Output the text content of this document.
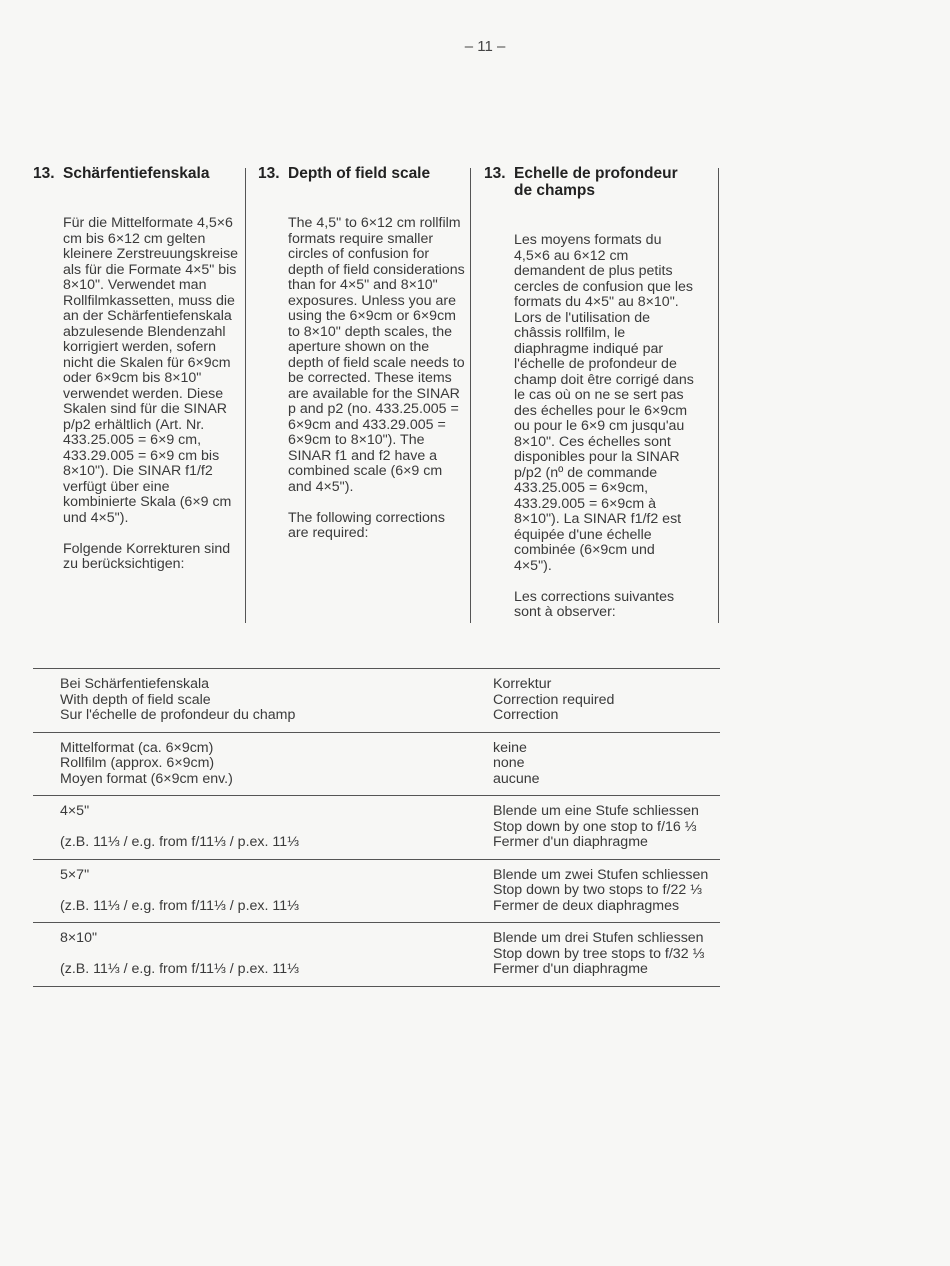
– 11 –
13. Schärfentiefenskala

Für die Mittelformate 4,5×6 cm bis 6×12 cm gelten kleinere Zerstreuungskreise als für die Formate 4×5" bis 8×10". Verwendet man Rollfilmkassetten, muss die an der Schärfentiefenskala abzulesende Blendenzahl korrigiert werden, sofern nicht die Skalen für 6×9cm oder 6×9cm bis 8×10" verwendet werden. Diese Skalen sind für die SINAR p/p2 erhältlich (Art. Nr. 433.25.005 = 6×9 cm, 433.29.005 = 6×9 cm bis 8×10"). Die SINAR f1/f2 verfügt über eine kombinierte Skala (6×9 cm und 4×5").

Folgende Korrekturen sind zu berücksichtigen:

13. Depth of field scale

The 4,5" to 6×12 cm rollfilm formats require smaller circles of confusion for depth of field considerations than for 4×5" and 8×10" exposures. Unless you are using the 6×9cm or 6×9cm to 8×10" depth scales, the aperture shown on the depth of field scale needs to be corrected. These items are available for the SINAR p and p2 (no. 433.25.005 = 6×9cm and 433.29.005 = 6×9cm to 8×10"). The SINAR f1 and f2 have a combined scale (6×9 cm and 4×5").

The following corrections are required:

13. Echelle de profondeur de champs

Les moyens formats du 4,5×6 au 6×12 cm demandent de plus petits cercles de confusion que les formats du 4×5" au 8×10". Lors de l'utilisation de châssis rollfilm, le diaphragme indiqué par l'échelle de profondeur de champ doit être corrigé dans le cas où on ne se sert pas des échelles pour le 6×9cm ou pour le 6×9 cm jusqu'au 8×10". Ces échelles sont disponibles pour la SINAR p/p2 (nº de commande 433.25.005 = 6×9cm, 433.29.005 = 6×9cm à 8×10"). La SINAR f1/f2 est équipée d'une échelle combinée (6×9cm und 4×5").

Les corrections suivantes sont à observer:

Bei Schärfentiefenskala
With depth of field scale
Sur l'échelle de profondeur du champ	Korrektur
Correction required
Correction

Mittelformat (ca. 6×9cm)
Rollfilm (approx. 6×9cm)
Moyen format (6×9cm env.)	keine
none
aucune

4×5"
(z.B. 11⅓ / e.g. from f/11⅓ / p.ex. 11⅓	Blende um eine Stufe schliessen
Stop down by one stop to f/16 ⅓
Fermer d'un diaphragme

5×7"
(z.B. 11⅓ / e.g. from f/11⅓ / p.ex. 11⅓	Blende um zwei Stufen schliessen
Stop down by two stops to f/22 ⅓
Fermer de deux diaphragmes

8×10"
(z.B. 11⅓ / e.g. from f/11⅓ / p.ex. 11⅓	Blende um drei Stufen schliessen
Stop down by tree stops to f/32 ⅓
Fermer d'un diaphragme
